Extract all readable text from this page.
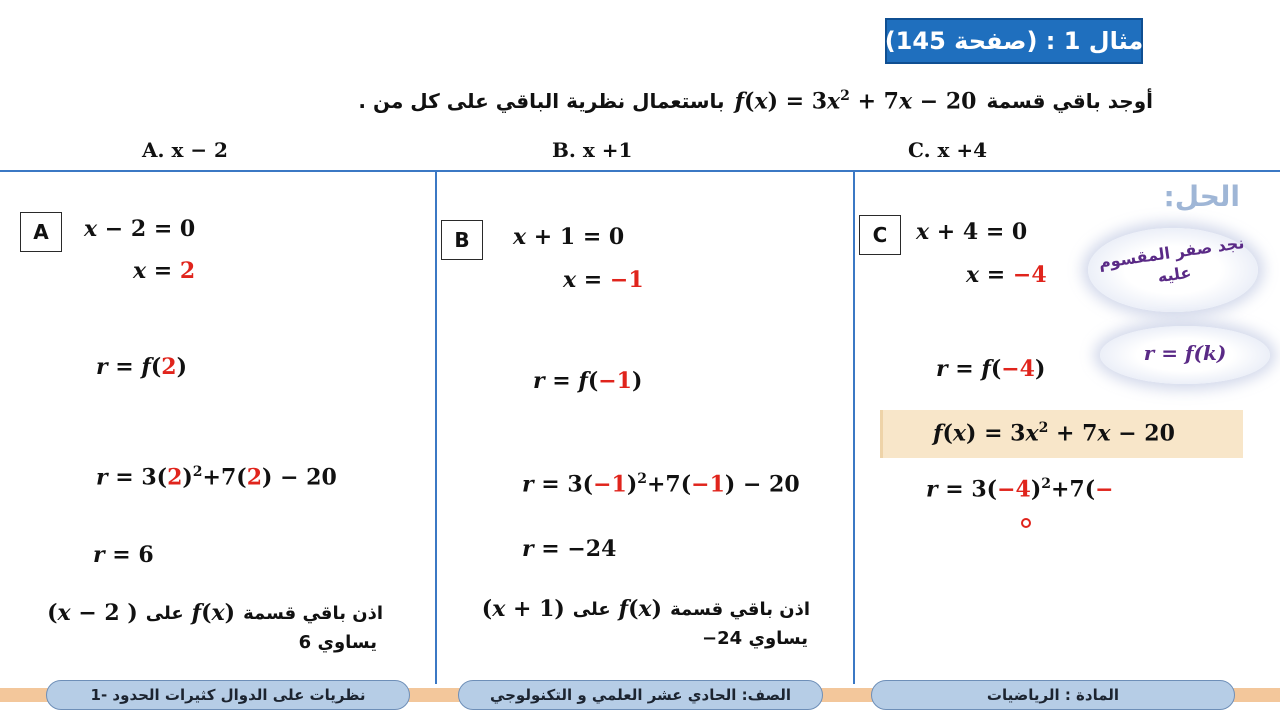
مثال 1 : (صفحة 145)
باستعمال نظرية الباقي على كل من . $f(x) = 3x^2 + 7x - 20$ أوجد باقي قسمة
A. x − 2	B. x +1	C. x +4
A	x − 2 = 0
x = 2
r = f(2)
$r = 3(2)^2+7(2) - 20$
r = 6
(x − 2 ) على f(x) اذن باقي قسمة
يساوي 6
B	x + 1 = 0
x = −1
r = f(−1)
$r = 3(-1)^2+7(-1) - 20$
r = −24
(x + 1) على f(x) اذن باقي قسمة
يساوي 24−
الحل:
C	x + 4 = 0
x = −4
نجد صفر المقسوم عليه
r = f(k)
r = f(−4)
$f(x) = 3x^2 + 7x - 20$
$r = 3(-4)^2+7(-$
نظريات على الدوال كثيرات الحدود -1	الصف: الحادي عشر العلمي و التكنولوجي	المادة : الرياضيات
